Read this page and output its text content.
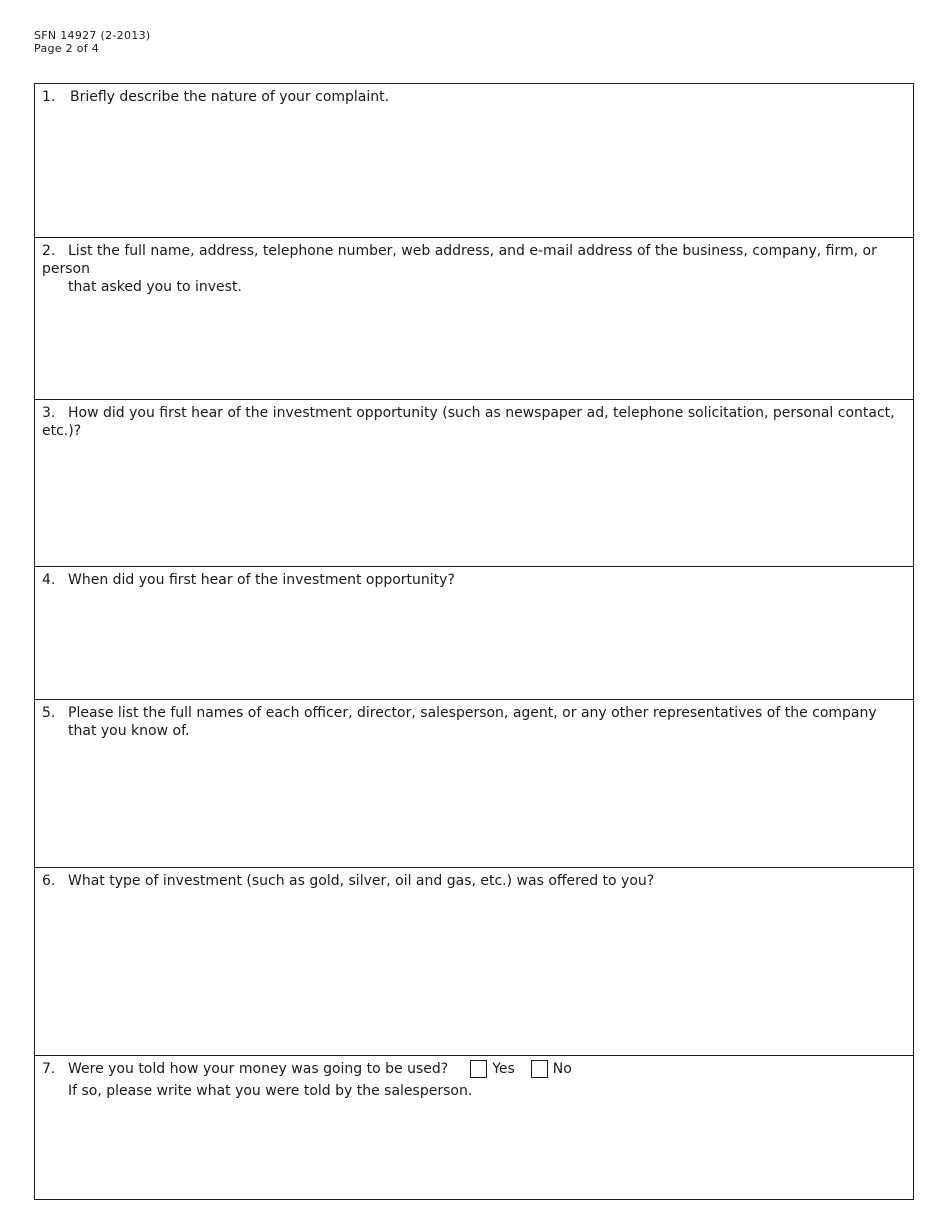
SFN 14927 (2-2013)
Page 2 of 4
1. Briefly describe the nature of your complaint.
2. List the full name, address, telephone number, web address, and e-mail address of the business, company, firm, or person
that asked you to invest.
3. How did you first hear of the investment opportunity (such as newspaper ad, telephone solicitation, personal contact, etc.)?
4. When did you first hear of the investment opportunity?
5. Please list the full names of each officer, director, salesperson, agent, or any other representatives of the company
that you know of.
6. What type of investment (such as gold, silver, oil and gas, etc.) was offered to you?
7. Were you told how your money was going to be used?	Yes	No
If so, please write what you were told by the salesperson.
